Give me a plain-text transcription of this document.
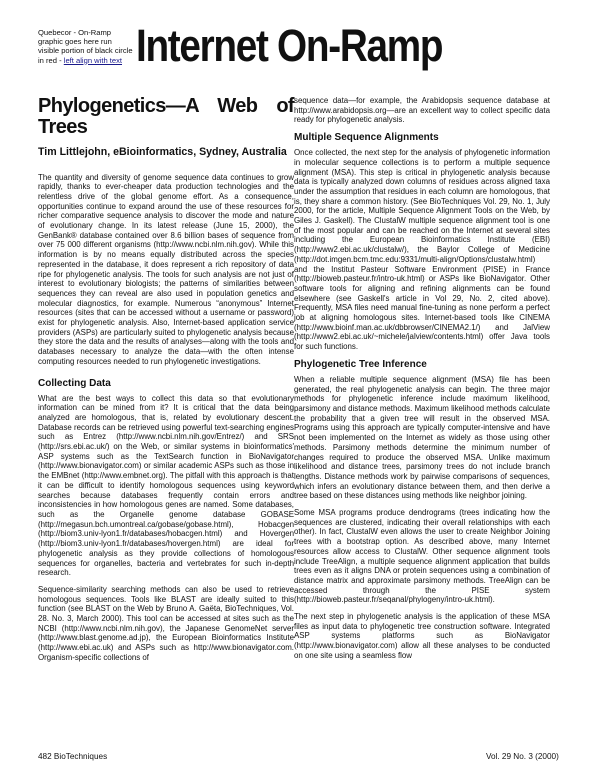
Quebecor - On-Ramp graphic goes here run visible portion of black circle in red - left align with text Internet On-Ramp
Phylogenetics—A Web of Trees
Tim Littlejohn, eBioinformatics, Sydney, Australia

The quantity and diversity of genome sequence data continues to grow rapidly, thanks to ever-cheaper data production technologies and the relentless drive of the global genome effort. As a consequence, opportunities continue to expand around the use of these resources for richer comparative sequence analysis to discover the mode and nature of evolutionary change. In its latest release (June 15, 2000), the GenBank® database contained over 8.6 billion bases of sequence from over 75 000 different organisms (http://www.ncbi.nlm.nih.gov). While this information is by no means equally distributed across the species represented in the database, it does represent a rich repository of data ripe for phylogenetic analysis. The tools for such analysis are not just of interest to evolutionary biologists; the patterns of similarities between sequences they can reveal are also used in population genetics and molecular diagnostics, for example. Numerous “anonymous” Internet resources (sites that can be accessed without a username or password) exist for phylogenetic analysis. Also, Internet-based application service providers (ASPs) are particularly suited to phylogenetic analysis because they store the data and the results of analyses—along with the tools and databases necessary to analyze the data—with the often intense computing resources needed to run phylogenetic investigations.

Collecting Data

What are the best ways to collect this data so that evolutionary information can be mined from it? It is critical that the data being analyzed are homologous, that is, related by evolutionary descent. Database records can be retrieved using powerful text-searching engines such as Entrez (http://www.ncbi.nlm.nih.gov/Entrez/) and SRS (http://srs.ebi.ac.uk/) on the Web, or similar systems in bioinformatics' ASP systems such as the TextSearch function in BioNavigator (http://www.bionavigator.com) or similar academic ASPs such as those in the EMBnet (http://www.embnet.org). The pitfall with this approach is that it can be difficult to identify homologous sequences using keyword searches because databases frequently contain errors and inconsistencies in how homologous genes are named. Some databases, such as the Organelle genome database GOBASE (http://megasun.bch.umontreal.ca/gobase/gobase.html), Hobacgen (http://biom3.univ-lyon1.fr/databases/hobacgen.html) and Hovergen (http://biom3.univ-lyon1.fr/databases/hovergen.html) are ideal for phylogenetic analysis as they provide collections of homologous sequences for organelles, bacteria and vertebrates for such in-depth research.

Sequence-similarity searching methods can also be used to retrieve homologous sequences. Tools like BLAST are ideally suited to this function (see BLAST on the Web by Bruno A. Gaëta, BioTechniques, Vol. 28. No. 3, March 2000). This tool can be accessed at sites such as the NCBI (http://www.ncbi.nlm.nih.gov), the Japanese GenomeNet server (http://www.blast.genome.ad.jp), the European Bioinformatics Institute (http://www.ebi.ac.uk) and ASPs such as http://www.bionavigator.com. Organism-specific collections of

sequence data—for example, the Arabidopsis sequence database at http://www.arabidopsis.org—are an excellent way to collect specific data ready for phylogenetic analysis.

Multiple Sequence Alignments

Once collected, the next step for the analysis of phylogenetic information in molecular sequence collections is to perform a multiple sequence alignment (MSA). This step is critical in phylogenetic analysis because data is typically analyzed down columns of residues across aligned taxa under the assumption that residues in each column are homologous, that is, they share a common history. (See BioTechniques Vol. 29, No. 1, July 2000, for the article, Multiple Sequence Alignment Tools on the Web, by Giles J. Gaskell). The ClustalW multiple sequence alignment tool is one of the most popular and can be reached on the Internet at several sites including the European Bioinformatics Institute (EBI) (http://www2.ebi.ac.uk/clustalw/), the Baylor College of Medicine (http://dot.imgen.bcm.tmc.edu:9331/multi-align/Options/clustalw.html) and the Institut Pasteur Software Environment (PISE) in France (http://bioweb.pasteur.fr/intro-uk.html) or ASPs like BioNavigator. Other software tools for aligning and refining alignments can be found elsewhere (see Gaskell's article in Vol 29, No. 2, cited above). Frequently, MSA files need manual fine-tuning as none perform a perfect job at aligning homologous sites. Internet-based tools like CINEMA (http://www.bioinf.man.ac.uk/dbbrowser/CINEMA2.1/) and JalView (http://www2.ebi.ac.uk/~michele/jalview/contents.html) offer Java tools for such functions.

Phylogenetic Tree Inference

When a reliable multiple sequence alignment (MSA) file has been generated, the real phylogenetic analysis can begin. The three major methods for phylogenetic inference include maximum likelihood, parsimony and distance methods. Maximum likelihood methods calculate the probability that a given tree will result in the observed MSA. Programs using this approach are typically computer-intensive and have not been implemented on the Internet as widely as those using other methods. Parsimony methods determine the minimum number of changes required to produce the observed MSA. Unlike maximum likelihood and distance trees, parsimony trees do not include branch lengths. Distance methods work by pairwise comparisons of sequences, which infers an evolutionary distance between them, and then derive a tree based on these distances using methods like neighbor joining.

Some MSA programs produce dendrograms (trees indicating how the sequences are clustered, indicating their overall relationships with each other). In fact, ClustalW even allows the user to create Neighbor Joining trees with a bootstrap option. As described above, many Internet resources allow access to ClustalW. Other sequence alignment tools include TreeAlign, a multiple sequence alignment application that builds trees even as it aligns DNA or protein sequences using a combination of distance matrix and approximate parsimony methods. TreeAlign can be accessed through the PISE system (http://bioweb.pasteur.fr/seqanal/phylogeny/intro-uk.html).

The next step in phylogenetic analysis is the application of these MSA files as input data to phylogenetic tree construction software. Integrated ASP systems platforms such as BioNavigator (http://www.bionavigator.com) allow all these analyses to be conducted on one site using a seamless flow

482 BioTechniques	Vol. 29 No. 3 (2000)
